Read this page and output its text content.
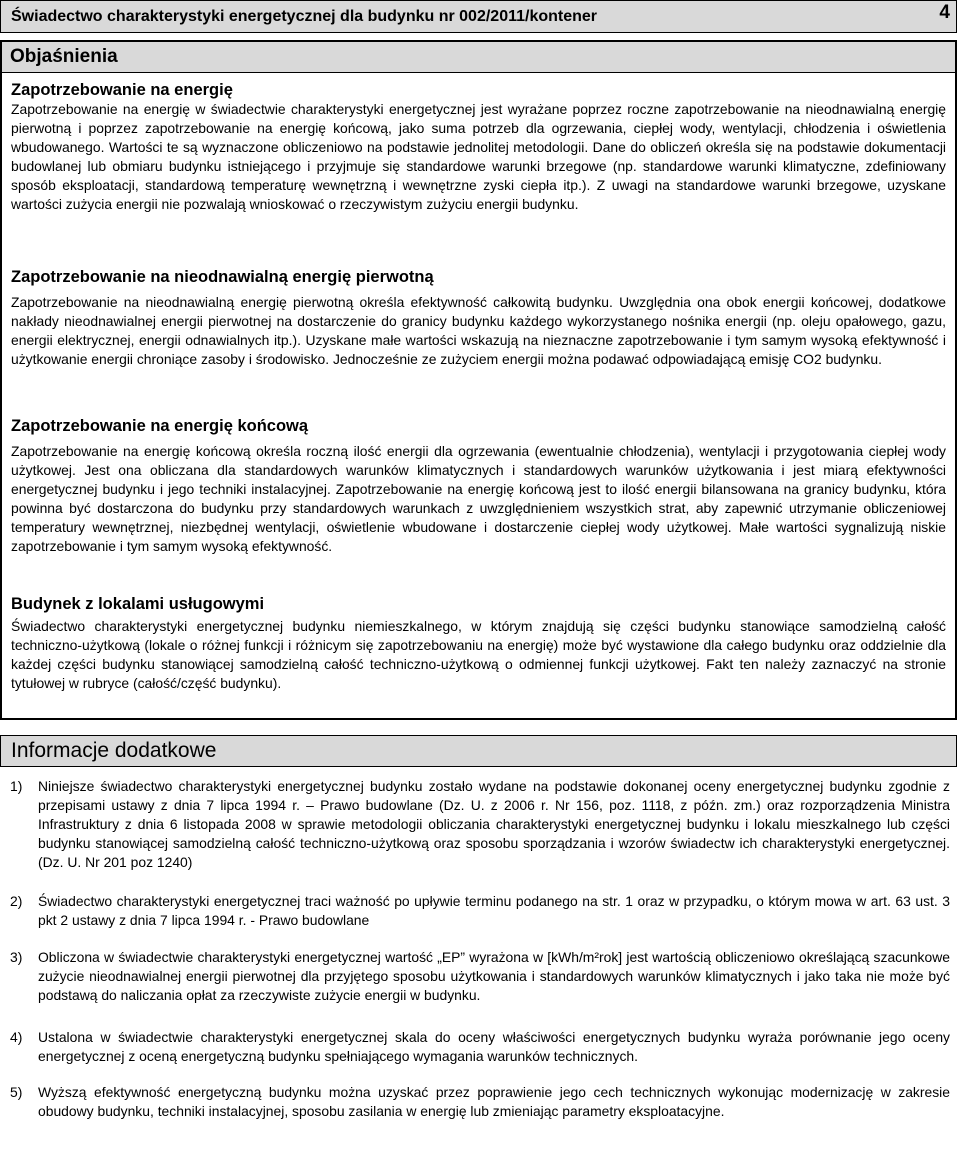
Świadectwo charakterystyki energetycznej dla budynku nr 002/2011/kontener	4
Objaśnienia

Zapotrzebowanie na energię

Zapotrzebowanie na energię w świadectwie charakterystyki energetycznej jest wyrażane poprzez roczne zapotrzebowanie na nieodnawialną energię pierwotną i poprzez zapotrzebowanie na energię końcową, jako suma potrzeb dla ogrzewania, ciepłej wody, wentylacji, chłodzenia i oświetlenia wbudowanego. Wartości te są wyznaczone obliczeniowo na podstawie jednolitej metodologii. Dane do obliczeń określa się na podstawie dokumentacji budowlanej lub obmiaru budynku istniejącego i przyjmuje się standardowe warunki brzegowe (np. standardowe warunki klimatyczne, zdefiniowany sposób eksploatacji, standardową temperaturę wewnętrzną i wewnętrzne zyski ciepła itp.). Z uwagi na standardowe warunki brzegowe, uzyskane wartości zużycia energii nie pozwalają wnioskować o rzeczywistym zużyciu energii budynku.

Zapotrzebowanie na nieodnawialną energię pierwotną

Zapotrzebowanie na nieodnawialną energię pierwotną określa efektywność całkowitą budynku. Uwzględnia ona obok energii końcowej, dodatkowe nakłady nieodnawialnej energii pierwotnej na dostarczenie do granicy budynku każdego wykorzystanego nośnika energii (np. oleju opałowego, gazu, energii elektrycznej, energii odnawialnych itp.). Uzyskane małe wartości wskazują na nieznaczne zapotrzebowanie i tym samym wysoką efektywność i użytkowanie energii chroniące zasoby i środowisko. Jednocześnie ze zużyciem energii można podawać odpowiadającą emisję CO2 budynku.

Zapotrzebowanie na energię końcową

Zapotrzebowanie na energię końcową określa roczną ilość energii dla ogrzewania (ewentualnie chłodzenia), wentylacji i przygotowania ciepłej wody użytkowej. Jest ona obliczana dla standardowych warunków klimatycznych i standardowych warunków użytkowania i jest miarą efektywności energetycznej budynku i jego techniki instalacyjnej. Zapotrzebowanie na energię końcową jest to ilość energii bilansowana na granicy budynku, która powinna być dostarczona do budynku przy standardowych warunkach z uwzględnieniem wszystkich strat, aby zapewnić utrzymanie obliczeniowej temperatury wewnętrznej, niezbędnej wentylacji, oświetlenie wbudowane i dostarczenie ciepłej wody użytkowej. Małe wartości sygnalizują niskie zapotrzebowanie i tym samym wysoką efektywność.

Budynek z lokalami usługowymi

Świadectwo charakterystyki energetycznej budynku niemieszkalnego, w którym znajdują się części budynku stanowiące samodzielną całość techniczno-użytkową (lokale o różnej funkcji i różnicym się zapotrzebowaniu na energię) może być wystawione dla całego budynku oraz oddzielnie dla każdej części budynku stanowiącej samodzielną całość techniczno-użytkową o odmiennej funkcji użytkowej. Fakt ten należy zaznaczyć na stronie tytułowej w rubryce (całość/część budynku).

Informacje dodatkowe
1) Niniejsze świadectwo charakterystyki energetycznej budynku zostało wydane na podstawie dokonanej oceny energetycznej budynku zgodnie z przepisami ustawy z dnia 7 lipca 1994 r. – Prawo budowlane (Dz. U. z 2006 r. Nr 156, poz. 1118, z późn. zm.) oraz rozporządzenia Ministra Infrastruktury z dnia 6 listopada 2008 w sprawie metodologii obliczania charakterystyki energetycznej budynku i lokalu mieszkalnego lub części budynku stanowiącej samodzielną całość techniczno-użytkową oraz sposobu sporządzania i wzorów świadectw ich charakterystyki energetycznej. (Dz. U. Nr 201 poz 1240)
2) Świadectwo charakterystyki energetycznej traci ważność po upływie terminu podanego na str. 1 oraz w przypadku, o którym mowa w art. 63 ust. 3 pkt 2 ustawy z dnia 7 lipca 1994 r. - Prawo budowlane
3) Obliczona w świadectwie charakterystyki energetycznej wartość „EP” wyrażona w [kWh/m²rok] jest wartością obliczeniowo określającą szacunkowe zużycie nieodnawialnej energii pierwotnej dla przyjętego sposobu użytkowania i standardowych warunków klimatycznych i jako taka nie może być podstawą do naliczania opłat za rzeczywiste zużycie energii w budynku.
4) Ustalona w świadectwie charakterystyki energetycznej skala do oceny właściwości energetycznych budynku wyraża porównanie jego oceny energetycznej z oceną energetyczną budynku spełniającego wymagania warunków technicznych.
5) Wyższą efektywność energetyczną budynku można uzyskać przez poprawienie jego cech technicznych wykonując modernizację w zakresie obudowy budynku, techniki instalacyjnej, sposobu zasilania w energię lub zmieniając parametry eksploatacyjne.
